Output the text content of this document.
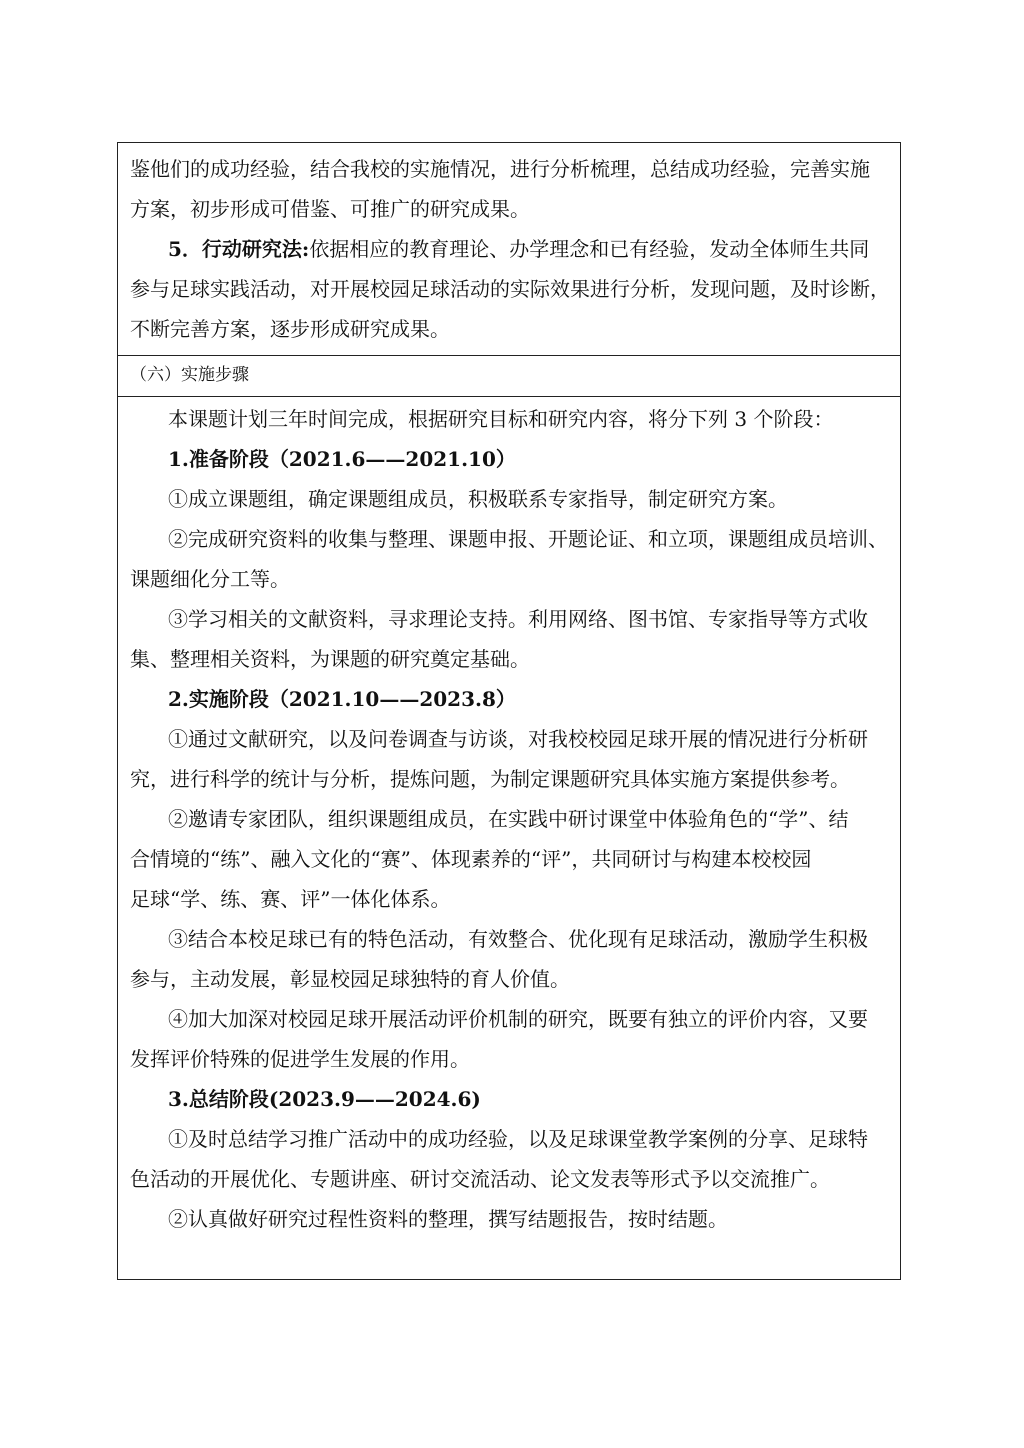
鉴他们的成功经验，结合我校的实施情况，进行分析梳理，总结成功经验，完善实施
方案，初步形成可借鉴、可推广的研究成果。
5．行动研究法:依据相应的教育理论、办学理念和已有经验，发动全体师生共同
参与足球实践活动，对开展校园足球活动的实际效果进行分析，发现问题，及时诊断，
不断完善方案，逐步形成研究成果。
（六）实施步骤
本课题计划三年时间完成，根据研究目标和研究内容，将分下列 3 个阶段：
1.准备阶段（2021.6——2021.10）
①成立课题组，确定课题组成员，积极联系专家指导，制定研究方案。
②完成研究资料的收集与整理、课题申报、开题论证、和立项，课题组成员培训、
课题细化分工等。
③学习相关的文献资料，寻求理论支持。利用网络、图书馆、专家指导等方式收
集、整理相关资料，为课题的研究奠定基础。
2.实施阶段（2021.10——2023.8）
①通过文献研究，以及问卷调查与访谈，对我校校园足球开展的情况进行分析研
究，进行科学的统计与分析，提炼问题，为制定课题研究具体实施方案提供参考。
②邀请专家团队，组织课题组成员，在实践中研讨课堂中体验角色的“学”、结
合情境的“练”、融入文化的“赛”、体现素养的“评”，共同研讨与构建本校校园
足球“学、练、赛、评”一体化体系。
③结合本校足球已有的特色活动，有效整合、优化现有足球活动，激励学生积极
参与，主动发展，彰显校园足球独特的育人价值。
④加大加深对校园足球开展活动评价机制的研究，既要有独立的评价内容，又要
发挥评价特殊的促进学生发展的作用。
3.总结阶段(2023.9——2024.6)
①及时总结学习推广活动中的成功经验，以及足球课堂教学案例的分享、足球特
色活动的开展优化、专题讲座、研讨交流活动、论文发表等形式予以交流推广。
②认真做好研究过程性资料的整理，撰写结题报告，按时结题。
